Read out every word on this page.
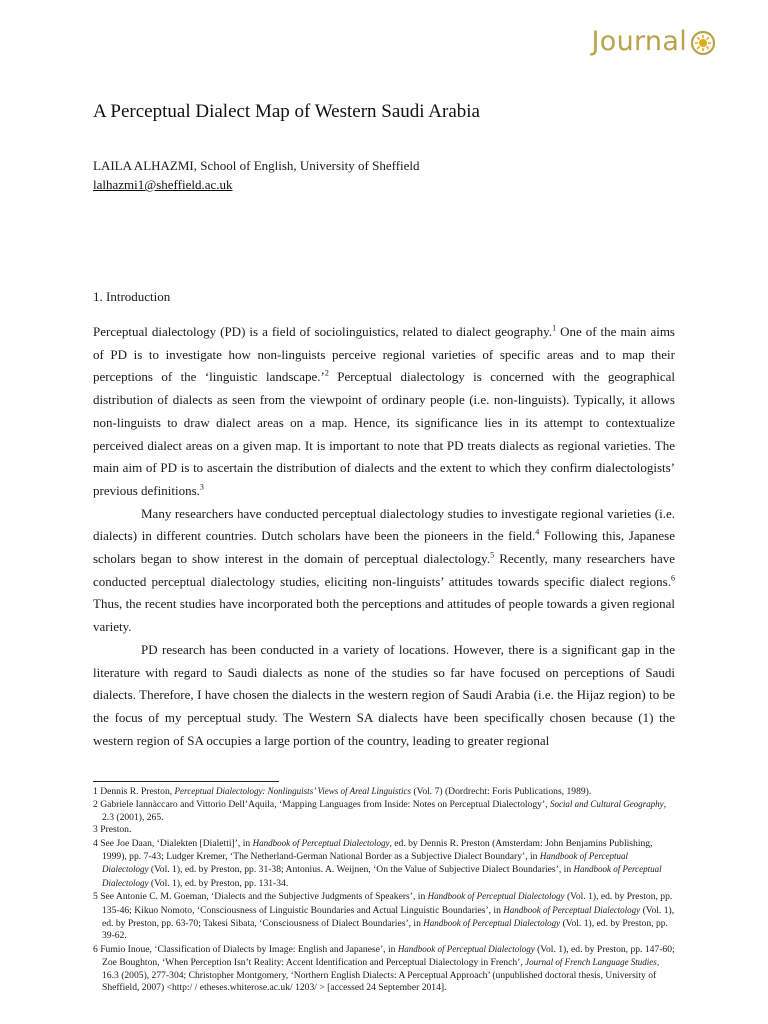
Journal
A Perceptual Dialect Map of Western Saudi Arabia
LAILA ALHAZMI, School of English, University of Sheffield
lalhazmi1@sheffield.ac.uk
1. Introduction

Perceptual dialectology (PD) is a field of sociolinguistics, related to dialect geography.$^1$ One of the main aims of PD is to investigate how non-linguists perceive regional varieties of specific areas and to map their perceptions of the ‘linguistic landscape.’$^2$ Perceptual dialectology is concerned with the geographical distribution of dialects as seen from the viewpoint of ordinary people (i.e. non-linguists). Typically, it allows non-linguists to draw dialect areas on a map. Hence, its significance lies in its attempt to contextualize perceived dialect areas on a given map. It is important to note that PD treats dialects as regional varieties. The main aim of PD is to ascertain the distribution of dialects and the extent to which they confirm dialectologists’ previous definitions.$^3$

Many researchers have conducted perceptual dialectology studies to investigate regional varieties (i.e. dialects) in different countries. Dutch scholars have been the pioneers in the field.$^4$ Following this, Japanese scholars began to show interest in the domain of perceptual dialectology.$^5$ Recently, many researchers have conducted perceptual dialectology studies, eliciting non-linguists’ attitudes towards specific dialect regions.$^6$ Thus, the recent studies have incorporated both the perceptions and attitudes of people towards a given regional variety.

PD research has been conducted in a variety of locations. However, there is a significant gap in the literature with regard to Saudi dialects as none of the studies so far have focused on perceptions of Saudi dialects. Therefore, I have chosen the dialects in the western region of Saudi Arabia (i.e. the Hijaz region) to be the focus of my perceptual study. The Western SA dialects have been specifically chosen because (1) the western region of SA occupies a large portion of the country, leading to greater regional

1 Dennis R. Preston, Perceptual Dialectology: Nonlinguists’ Views of Areal Linguistics (Vol. 7) (Dordrecht: Foris Publications, 1989).
2 Gabriele Iannàccaro and Vittorio Dell’Aquila, ‘Mapping Languages from Inside: Notes on Perceptual Dialectology’, Social and Cultural Geography, 2.3 (2001), 265.
3 Preston.
4 See Joe Daan, ‘Dialekten [Dialetti]’, in Handbook of Perceptual Dialectology, ed. by Dennis R. Preston (Amsterdam: John Benjamins Publishing, 1999), pp. 7-43; Ludger Kremer, ‘The Netherland-German National Border as a Subjective Dialect Boundary’, in Handbook of Perceptual Dialectology (Vol. 1), ed. by Preston, pp. 31-38; Antonius. A. Weijnen, ‘On the Value of Subjective Dialect Boundaries’, in Handbook of Perceptual Dialectology (Vol. 1), ed. by Preston, pp. 131-34.
5 See Antonie C. M. Goeman, ‘Dialects and the Subjective Judgments of Speakers’, in Handbook of Perceptual Dialectology (Vol. 1), ed. by Preston, pp. 135-46; Kikuo Nomoto, ‘Consciousness of Linguistic Boundaries and Actual Linguistic Boundaries’, in Handbook of Perceptual Dialectology (Vol. 1), ed. by Preston, pp. 63-70; Takesi Sibata, ‘Consciousness of Dialect Boundaries’, in Handbook of Perceptual Dialectology (Vol. 1), ed. by Preston, pp. 39-62.
6 Fumio Inoue, ‘Classification of Dialects by Image: English and Japanese’, in Handbook of Perceptual Dialectology (Vol. 1), ed. by Preston, pp. 147-60; Zoe Boughton, ‘When Perception Isn’t Reality: Accent Identification and Perceptual Dialectology in French’, Journal of French Language Studies, 16.3 (2005), 277-304; Christopher Montgomery, ‘Northern English Dialects: A Perceptual Approach’ (unpublished doctoral thesis, University of Sheffield, 2007) <http:/ / etheses.whiterose.ac.uk/ 1203/ > [accessed 24 September 2014].
